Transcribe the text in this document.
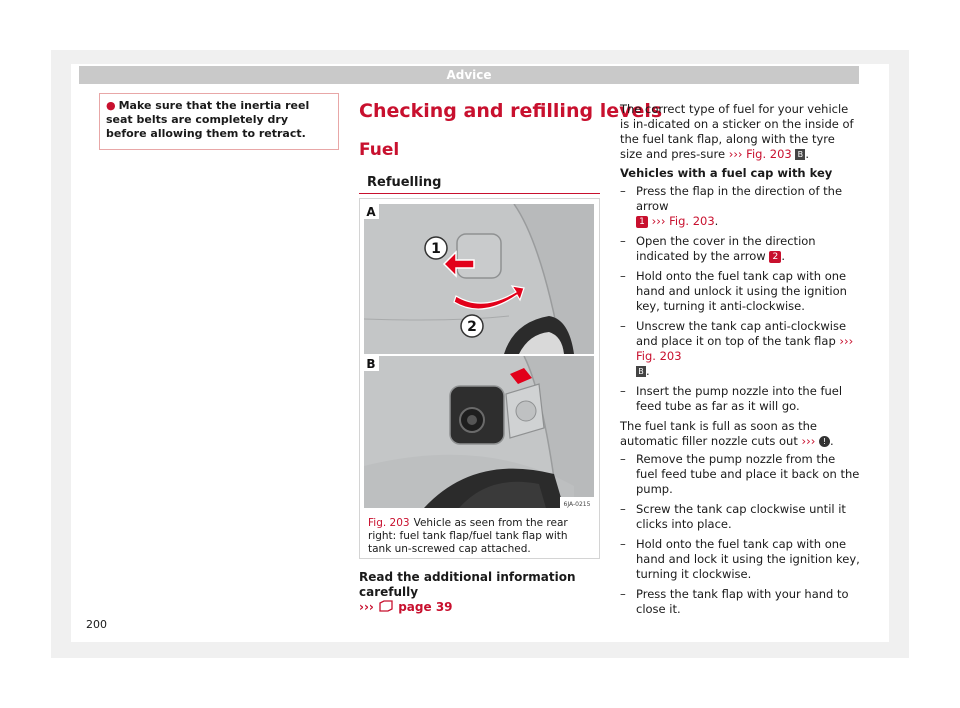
Advice
● Make sure that the inertia reel seat belts are completely dry before allowing them to retract.
Checking and refilling levels
Fuel
Refuelling
1
2
A
B
6JA-0215
Fig. 203 Vehicle as seen from the rear right: fuel tank flap/fuel tank flap with tank un-screwed cap attached.
Read the additional information carefully
››› page 39

The correct type of fuel for your vehicle is in-dicated on a sticker on the inside of the fuel tank flap, along with the tyre size and pres-sure ››› Fig. 203 B .

Vehicles with a fuel cap with key

– Press the flap in the direction of the arrow
1 ››› Fig. 203.
– Open the cover in the direction indicated by the arrow 2 .
– Hold onto the fuel tank cap with one hand and unlock it using the ignition key, turning it anti-clockwise.
– Unscrew the tank cap anti-clockwise and place it on top of the tank flap ››› Fig. 203
B .
– Insert the pump nozzle into the fuel feed tube as far as it will go.

The fuel tank is full as soon as the automatic filler nozzle cuts out ››› ! .

– Remove the pump nozzle from the fuel feed tube and place it back on the pump.
– Screw the tank cap clockwise until it clicks into place.
– Hold onto the fuel tank cap with one hand and lock it using the ignition key, turning it clockwise.
– Press the tank flap with your hand to close it.
200
